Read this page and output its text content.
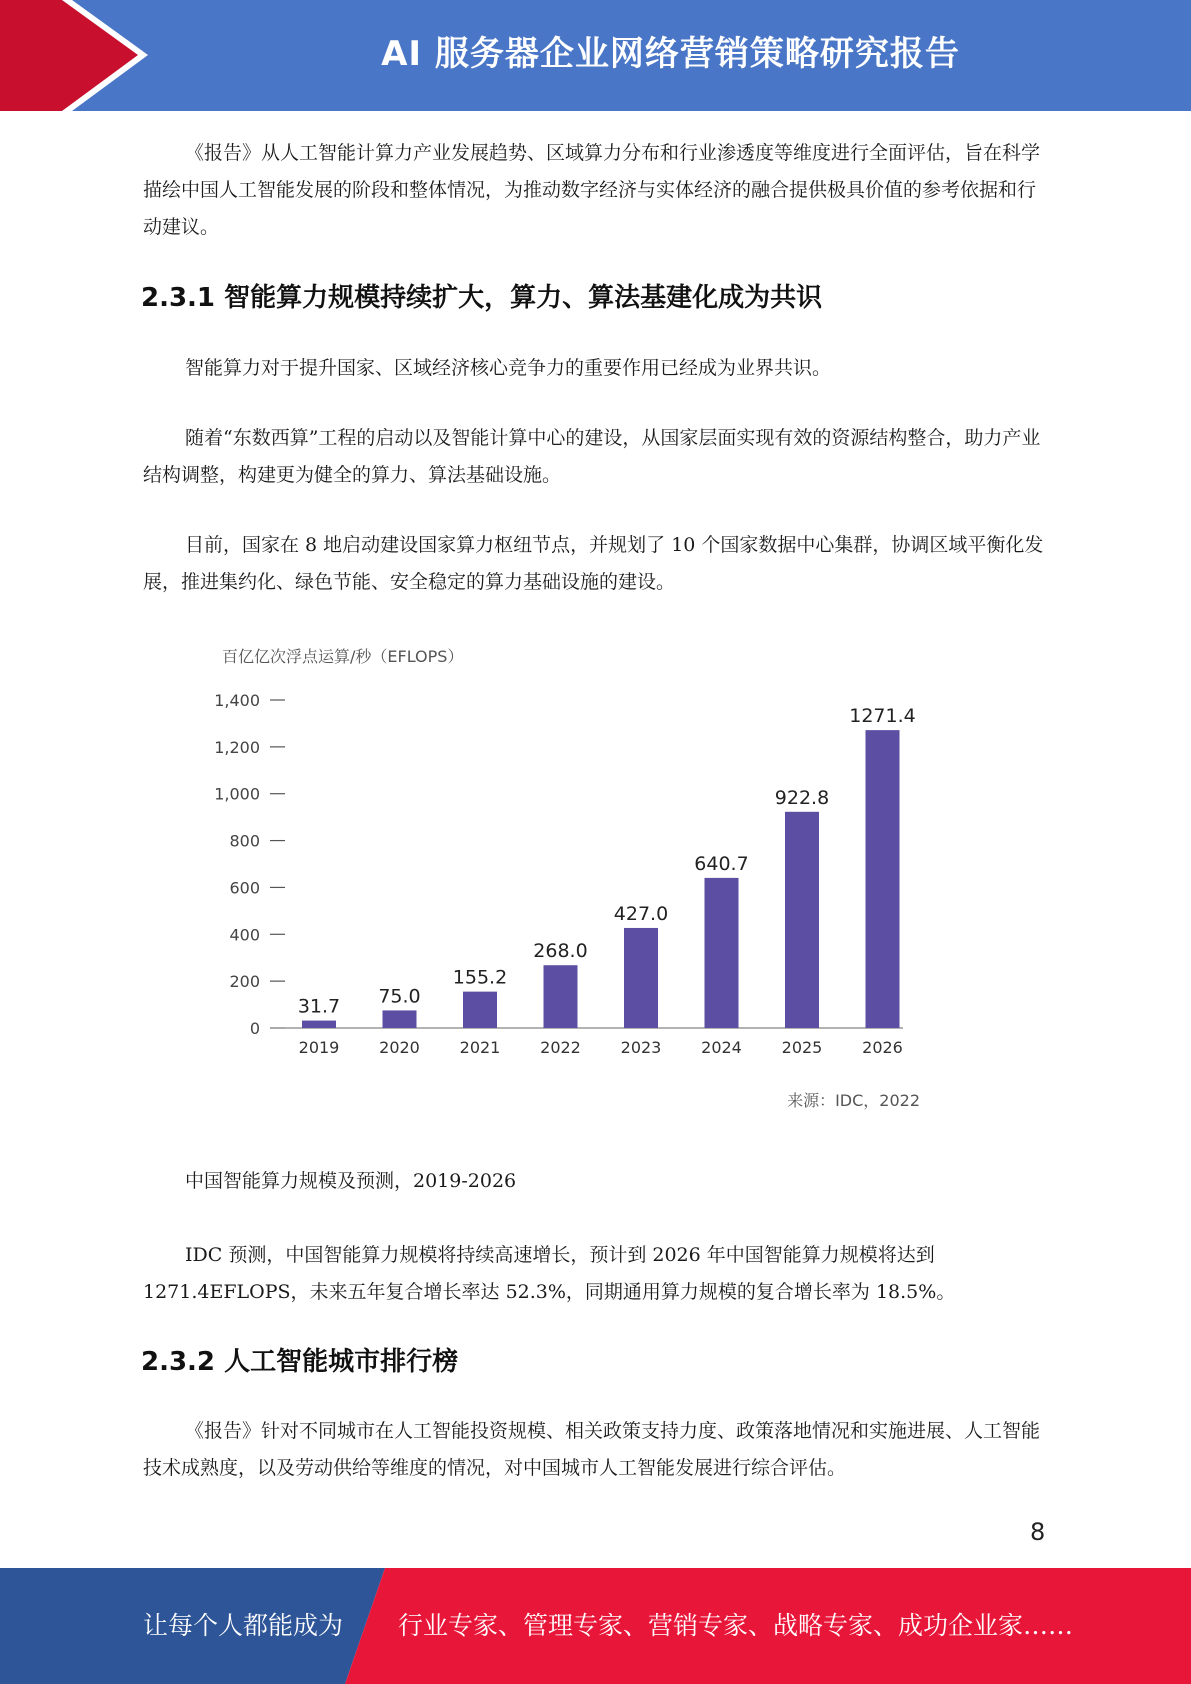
AI 服务器企业网络营销策略研究报告

《报告》从人工智能计算力产业发展趋势、区域算力分布和行业渗透度等维度进行全面评估，旨在科学描绘中国人工智能发展的阶段和整体情况，为推动数字经济与实体经济的融合提供极具价值的参考依据和行动建议。

2.3.1 智能算力规模持续扩大，算力、算法基建化成为共识

智能算力对于提升国家、区域经济核心竞争力的重要作用已经成为业界共识。

随着“东数西算”工程的启动以及智能计算中心的建设，从国家层面实现有效的资源结构整合，助力产业结构调整，构建更为健全的算力、算法基础设施。

目前，国家在 8 地启动建设国家算力枢纽节点，并规划了 10 个国家数据中心集群，协调区域平衡化发展，推进集约化、绿色节能、安全稳定的算力基础设施的建设。

百亿亿次浮点运算/秒（EFLOPS）
0
200
400
600
800
1,000
1,200
1,400
31.7
2019
75.0
2020
155.2
2021
268.0
2022
427.0
2023
640.7
2024
922.8
2025
1271.4
2026
来源：IDC，2022

中国智能算力规模及预测，2019-2026

IDC 预测，中国智能算力规模将持续高速增长，预计到 2026 年中国智能算力规模将达到 1271.4EFLOPS，未来五年复合增长率达 52.3%，同期通用算力规模的复合增长率为 18.5%。

2.3.2 人工智能城市排行榜

《报告》针对不同城市在人工智能投资规模、相关政策支持力度、政策落地情况和实施进展、人工智能技术成熟度，以及劳动供给等维度的情况，对中国城市人工智能发展进行综合评估。

8
让每个人都能成为 行业专家、管理专家、营销专家、战略专家、成功企业家……
